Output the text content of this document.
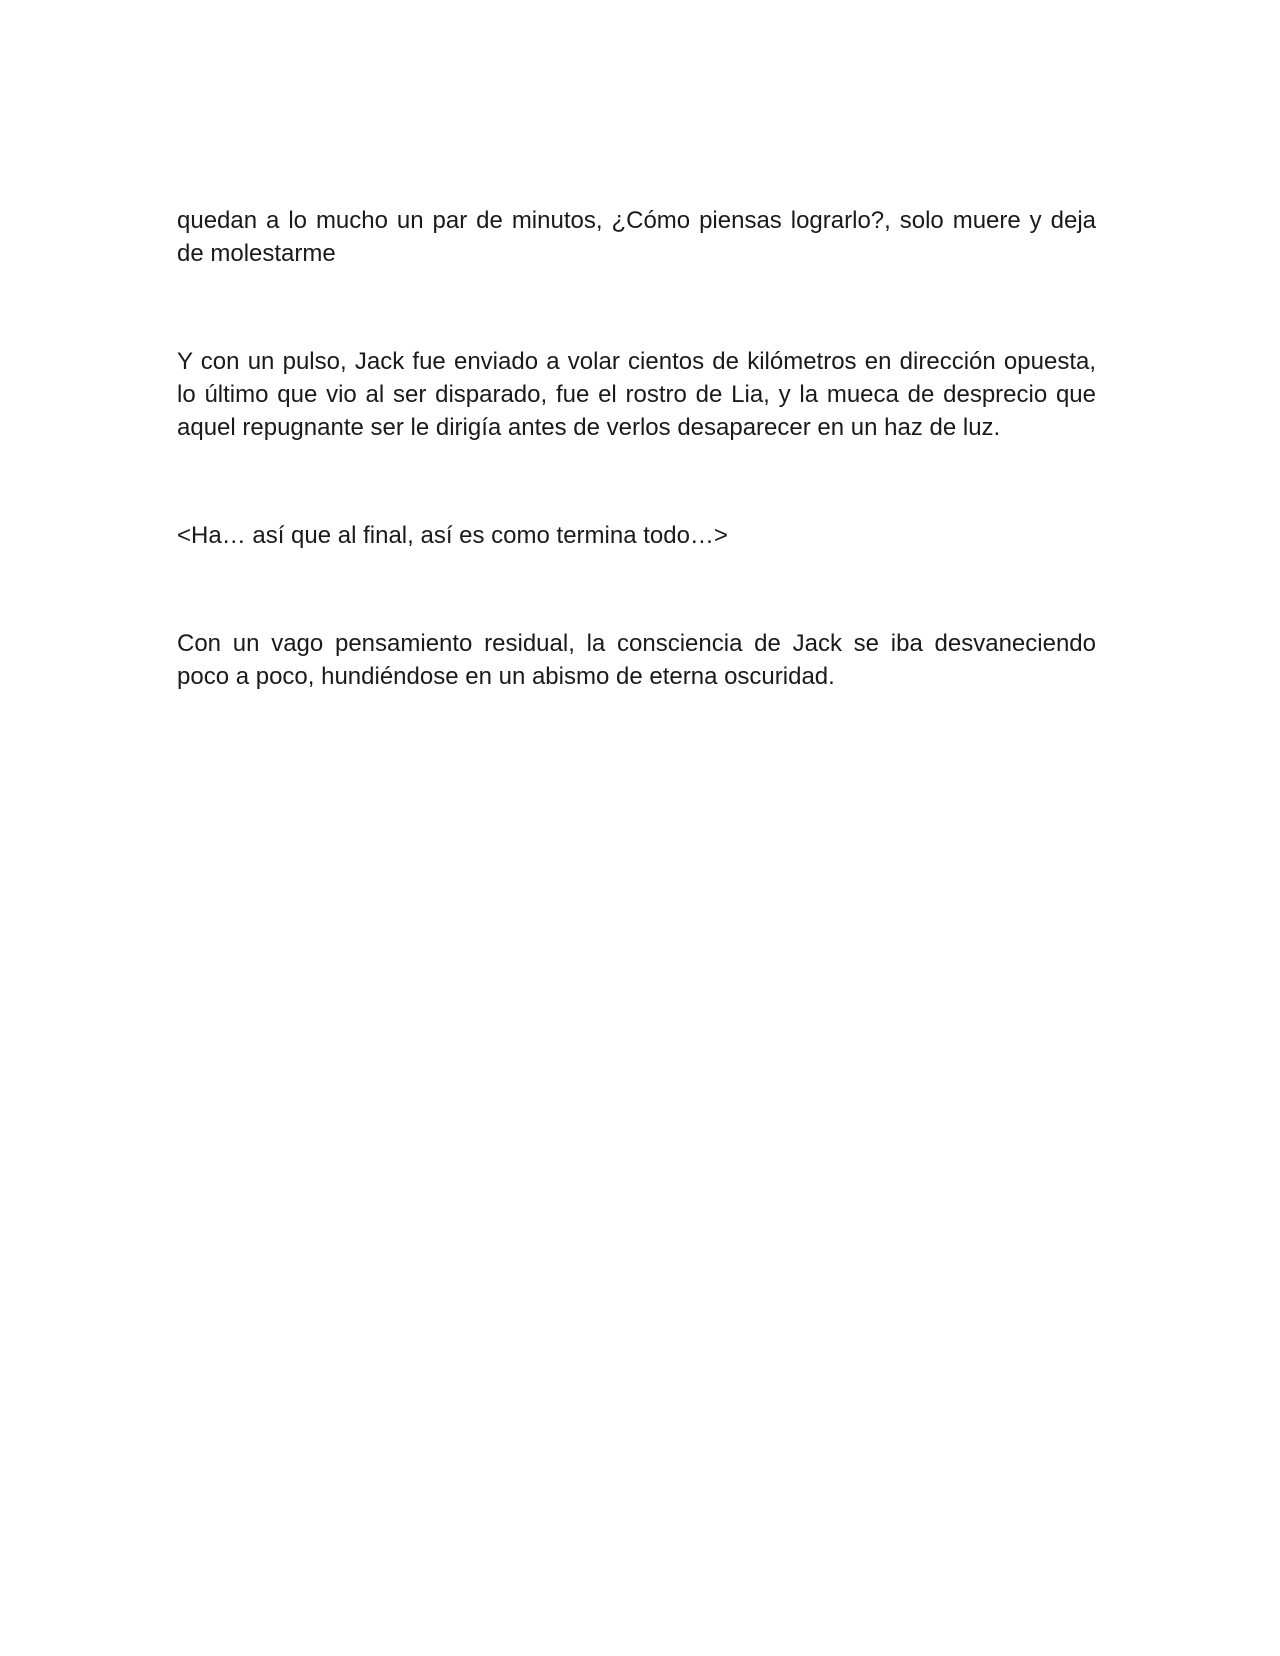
quedan a lo mucho un par de minutos, ¿Cómo piensas lograrlo?, solo muere y deja de molestarme

Y con un pulso, Jack fue enviado a volar cientos de kilómetros en dirección opuesta, lo último que vio al ser disparado, fue el rostro de Lia, y la mueca de desprecio que aquel repugnante ser le dirigía antes de verlos desaparecer en un haz de luz.

<Ha… así que al final, así es como termina todo…>

Con un vago pensamiento residual, la consciencia de Jack se iba desvaneciendo poco a poco, hundiéndose en un abismo de eterna oscuridad.
